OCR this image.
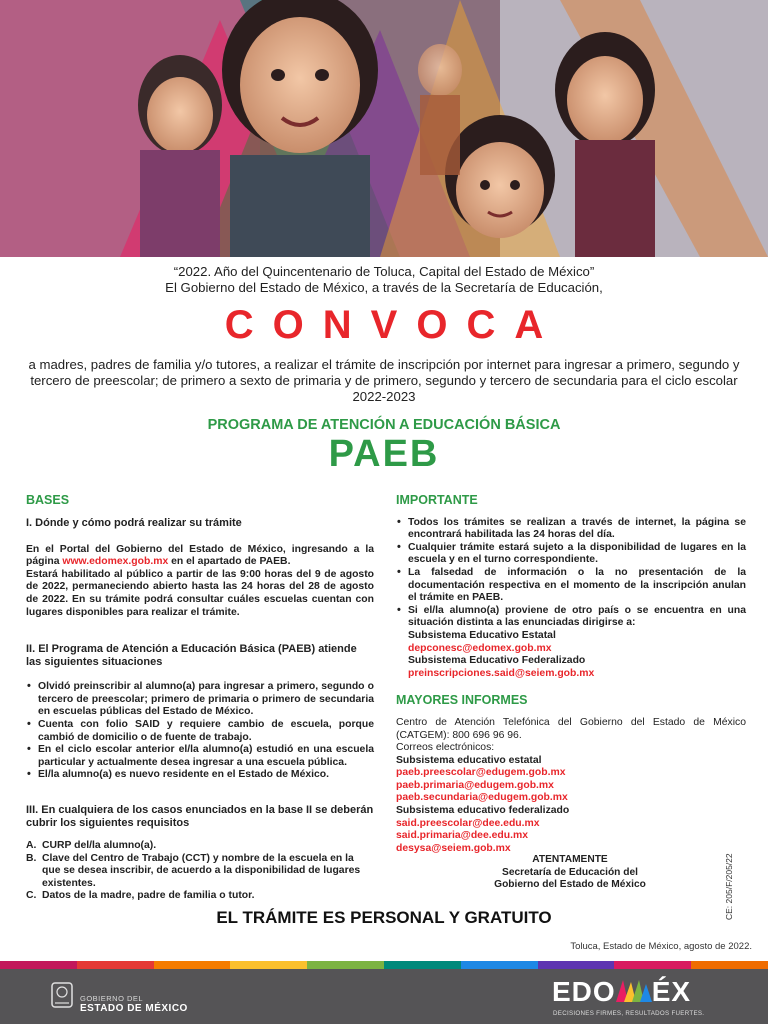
“2022. Año del Quincentenario de Toluca, Capital del Estado de México”
El Gobierno del Estado de México, a través de la Secretaría de Educación,
CONVOCA
a madres, padres de familia y/o tutores, a realizar el trámite de inscripción por internet para ingresar a primero, segundo y tercero de preescolar; de primero a sexto de primaria y de primero, segundo y tercero de secundaria para el ciclo escolar 2022-2023
PROGRAMA DE ATENCIÓN A EDUCACIÓN BÁSICA
PAEB
BASES
I. Dónde y cómo podrá realizar su trámite

En el Portal del Gobierno del Estado de México, ingresando a la página www.edomex.gob.mx en el apartado de PAEB.

Estará habilitado al público a partir de las 9:00 horas del 9 de agosto de 2022, permaneciendo abierto hasta las 24 horas del 28 de agosto de 2022. En su trámite podrá consultar cuáles escuelas cuentan con lugares disponibles para realizar el trámite.

II. El Programa de Atención a Educación Básica (PAEB) atiende las siguientes situaciones
• Olvidó preinscribir al alumno(a) para ingresar a primero, segundo o tercero de preescolar; primero de primaria o primero de secundaria en escuelas públicas del Estado de México.
• Cuenta con folio SAID y requiere cambio de escuela, porque cambió de domicilio o de fuente de trabajo.
• En el ciclo escolar anterior el/la alumno(a) estudió en una escuela particular y actualmente desea ingresar a una escuela pública.
• El/la alumno(a) es nuevo residente en el Estado de México.
III. En cualquiera de los casos enunciados en la base II se deberán cubrir los siguientes requisitos
A. CURP del/la alumno(a).
B. Clave del Centro de Trabajo (CCT) y nombre de la escuela en la que se desea inscribir, de acuerdo a la disponibilidad de lugares existentes.
C. Datos de la madre, padre de familia o tutor.
IMPORTANTE
• Todos los trámites se realizan a través de internet, la página se encontrará habilitada las 24 horas del día.
• Cualquier trámite estará sujeto a la disponibilidad de lugares en la escuela y en el turno correspondiente.
• La falsedad de información o la no presentación de la documentación respectiva en el momento de la inscripción anulan el trámite en PAEB.
• Si el/la alumno(a) proviene de otro país o se encuentra en una situación distinta a las enunciadas dirigirse a:
Subsistema Educativo Estatal
depconesc@edomex.gob.mx
Subsistema Educativo Federalizado
preinscripciones.said@seiem.gob.mx
MAYORES INFORMES

Centro de Atención Telefónica del Gobierno del Estado de México (CATGEM): 800 696 96 96.

Correos electrónicos:
Subsistema educativo estatal
paeb.preescolar@edugem.gob.mx
paeb.primaria@edugem.gob.mx
paeb.secundaria@edugem.gob.mx
Subsistema educativo federalizado
said.preescolar@dee.edu.mx
said.primaria@dee.edu.mx
desysa@seiem.gob.mx
ATENTAMENTE
Secretaría de Educación del
Gobierno del Estado de México	CE: 205/F/205/22
EL TRÁMITE ES PERSONAL Y GRATUITO
Toluca, Estado de México, agosto de 2022.
GOBIERNO DEL
ESTADO DE MÉXICO
EDO ÉX
DECISIONES FIRMES, RESULTADOS FUERTES.
